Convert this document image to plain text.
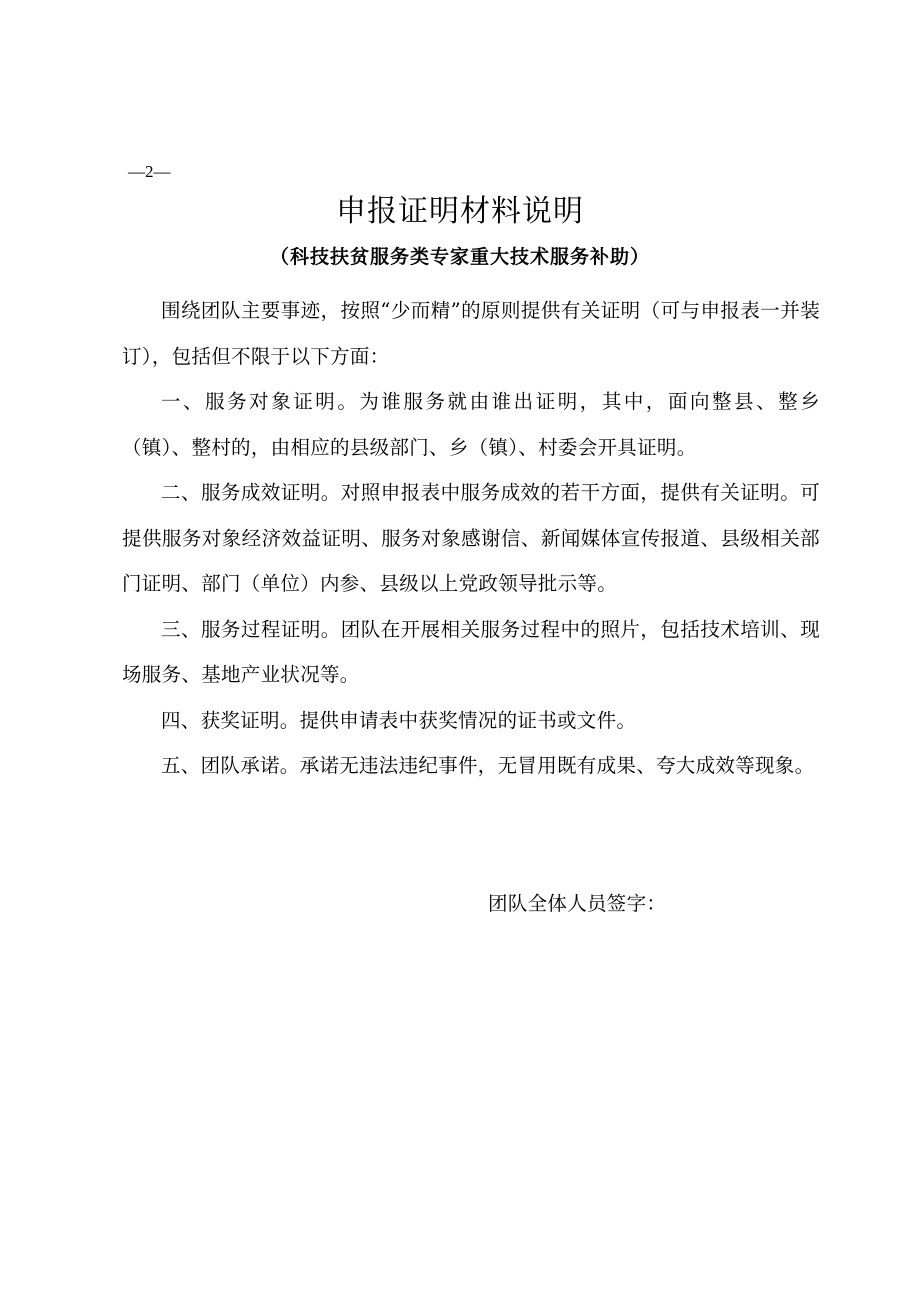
—2—
申报证明材料说明
（科技扶贫服务类专家重大技术服务补助）

围绕团队主要事迹，按照“少而精”的原则提供有关证明（可与申报表一并装订），包括但不限于以下方面：

一、服务对象证明。为谁服务就由谁出证明，其中，面向整县、整乡（镇）、整村的，由相应的县级部门、乡（镇）、村委会开具证明。

二、服务成效证明。对照申报表中服务成效的若干方面，提供有关证明。可提供服务对象经济效益证明、服务对象感谢信、新闻媒体宣传报道、县级相关部门证明、部门（单位）内参、县级以上党政领导批示等。

三、服务过程证明。团队在开展相关服务过程中的照片，包括技术培训、现场服务、基地产业状况等。

四、获奖证明。提供申请表中获奖情况的证书或文件。

五、团队承诺。承诺无违法违纪事件，无冒用既有成果、夸大成效等现象。

团队全体人员签字：
